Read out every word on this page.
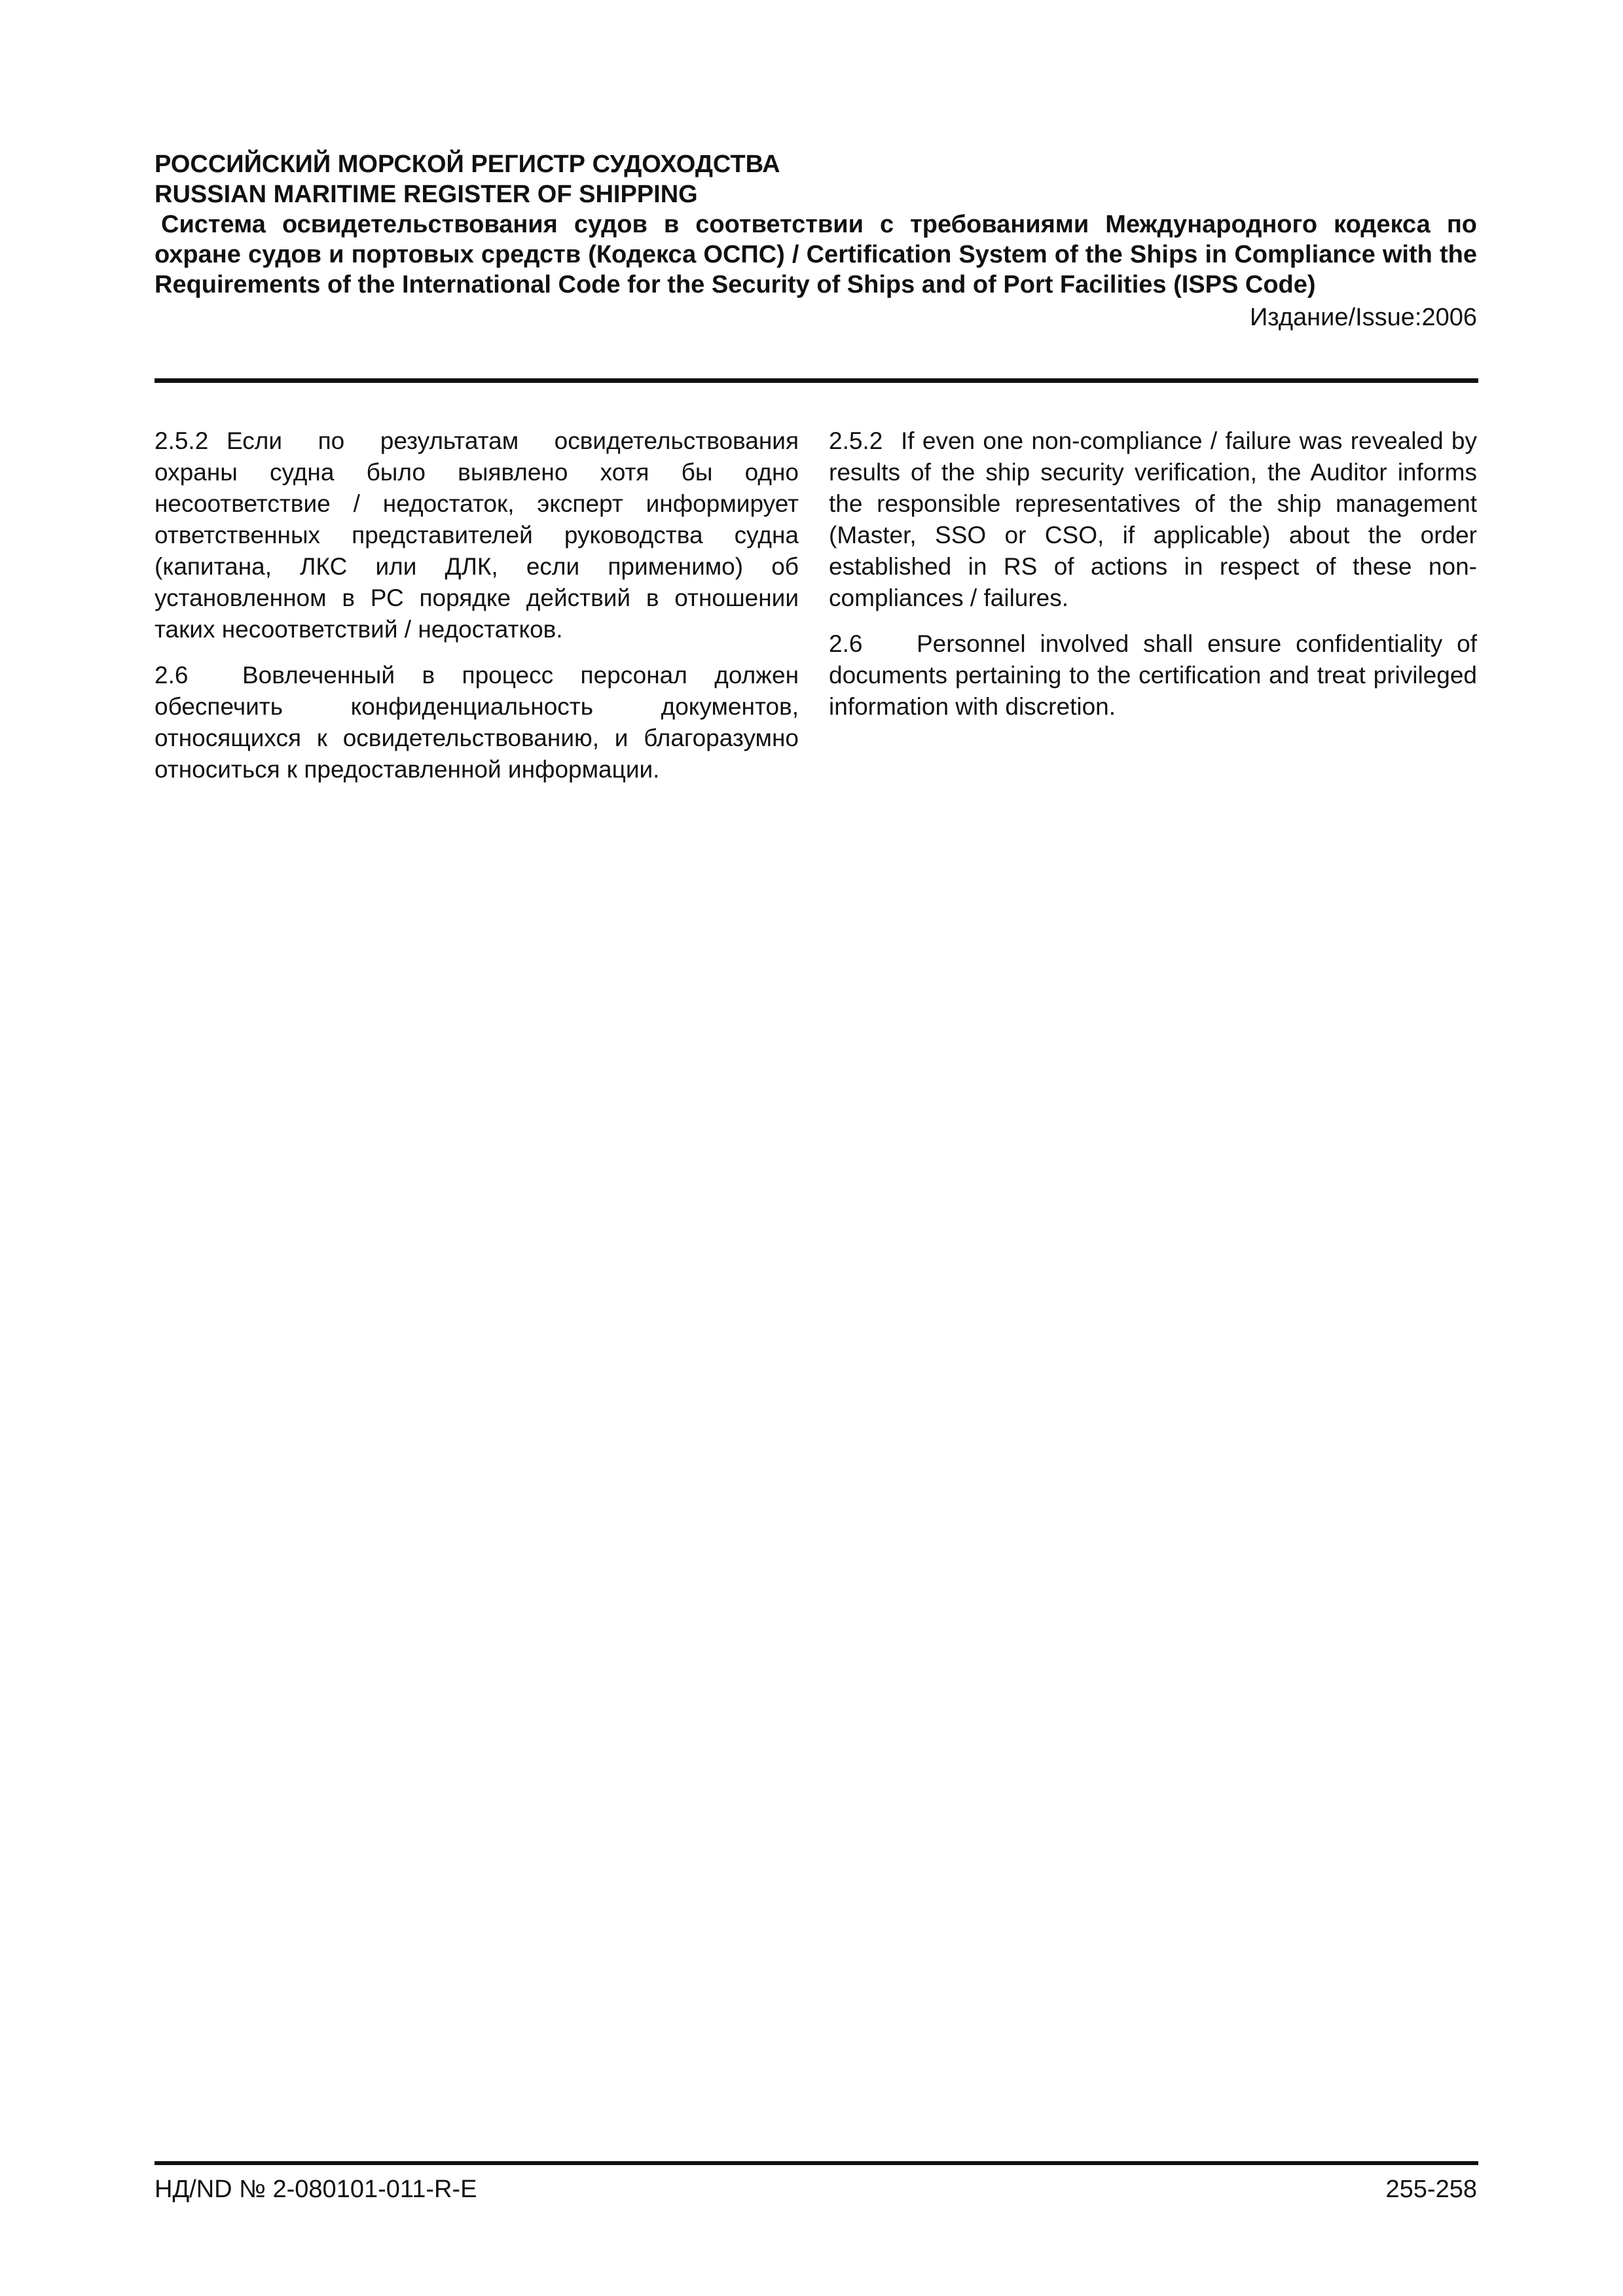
РОССИЙСКИЙ МОРСКОЙ РЕГИСТР СУДОХОДСТВА

RUSSIAN MARITIME REGISTER OF SHIPPING

Система освидетельствования судов в соответствии с требованиями Международного кодекса по охране судов и портовых средств (Кодекса ОСПС) / Certification System of the Ships in Compliance with the Requirements of the International Code for the Security of Ships and of Port Facilities (ISPS Code)

Издание/Issue:2006

2.5.2 Если по результатам освидетельствования охраны судна было выявлено хотя бы одно несоответствие / недостаток, эксперт информирует ответственных представителей руководства судна (капитана, ЛКС или ДЛК, если применимо) об установленном в РС порядке действий в отношении таких несоответствий / недостатков.

2.6 Вовлеченный в процесс персонал должен обеспечить конфиденциальность документов, относящихся к освидетельствованию, и благоразумно относиться к предоставленной информации.

2.5.2 If even one non-compliance / failure was revealed by results of the ship security verification, the Auditor informs the responsible representatives of the ship management (Master, SSO or CSO, if applicable) about the order established in RS of actions in respect of these non-compliances / failures.

2.6 Personnel involved shall ensure confidentiality of documents pertaining to the certification and treat privileged information with discretion.

НД/ND № 2-080101-011-R-E	255-258
